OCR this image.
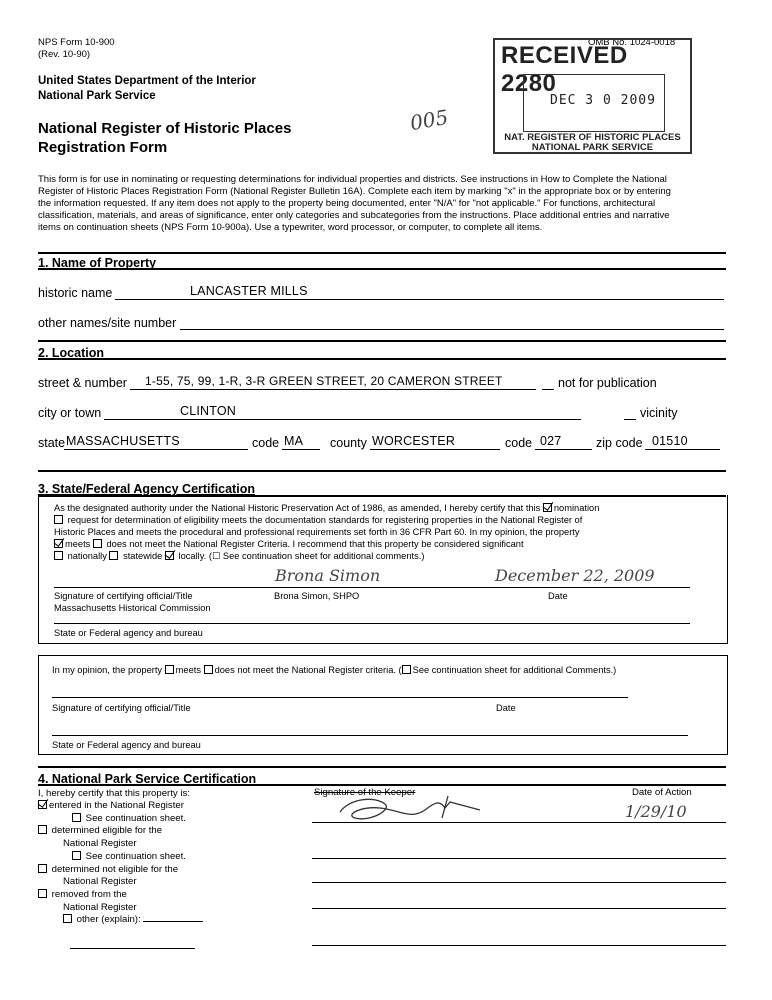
NPS Form 10-900
(Rev. 10-90)
OMB No. 1024-0018
United States Department of the Interior
National Park Service
National Register of Historic Places
Registration Form
005
RECEIVED 2280
DEC 3 0 2009
NAT. REGISTER OF HISTORIC PLACES
NATIONAL PARK SERVICE
This form is for use in nominating or requesting determinations for individual properties and districts. See instructions in How to Complete the National
Register of Historic Places Registration Form (National Register Bulletin 16A). Complete each item by marking "x" in the appropriate box or by entering
the information requested. If any item does not apply to the property being documented, enter "N/A" for "not applicable." For functions, architectural
classification, materials, and areas of significance, enter only categories and subcategories from the instructions. Place additional entries and narrative
items on continuation sheets (NPS Form 10-900a). Use a typewriter, word processor, or computer, to complete all items.
1. Name of Property
historic name	LANCASTER MILLS
other names/site number
2. Location
street & number 1-55, 75, 99, 1-R, 3-R GREEN STREET, 20 CAMERON STREET	not for publication
city or town	CLINTON	vicinity
state MASSACHUSETTS	code MA county WORCESTER	code 027	zip code 01510
3. State/Federal Agency Certification
As the designated authority under the National Historic Preservation Act of 1986, as amended, I hereby certify that this nomination
request for determination of eligibility meets the documentation standards for registering properties in the National Register of
Historic Places and meets the procedural and professional requirements set forth in 36 CFR Part 60. In my opinion, the property
meets does not meet the National Register Criteria. I recommend that this property be considered significant
nationally statewide locally. (☐ See continuation sheet for additional comments.)
Brona Simon	December 22, 2009
Signature of certifying official/Title	Brona Simon, SHPO	Date
Massachusetts Historical Commission
State or Federal agency and bureau
In my opinion, the property meets does not meet the National Register criteria. ( See continuation sheet for additional Comments.)
Signature of certifying official/Title	Date
State or Federal agency and bureau
4. National Park Service Certification
I, hereby certify that this property is:	Signature of the Keeper	Date of Action
1/29/10
entered in the National Register
See continuation sheet.
determined eligible for the
National Register
See continuation sheet.
determined not eligible for the
National Register
removed from the
National Register
other (explain):
